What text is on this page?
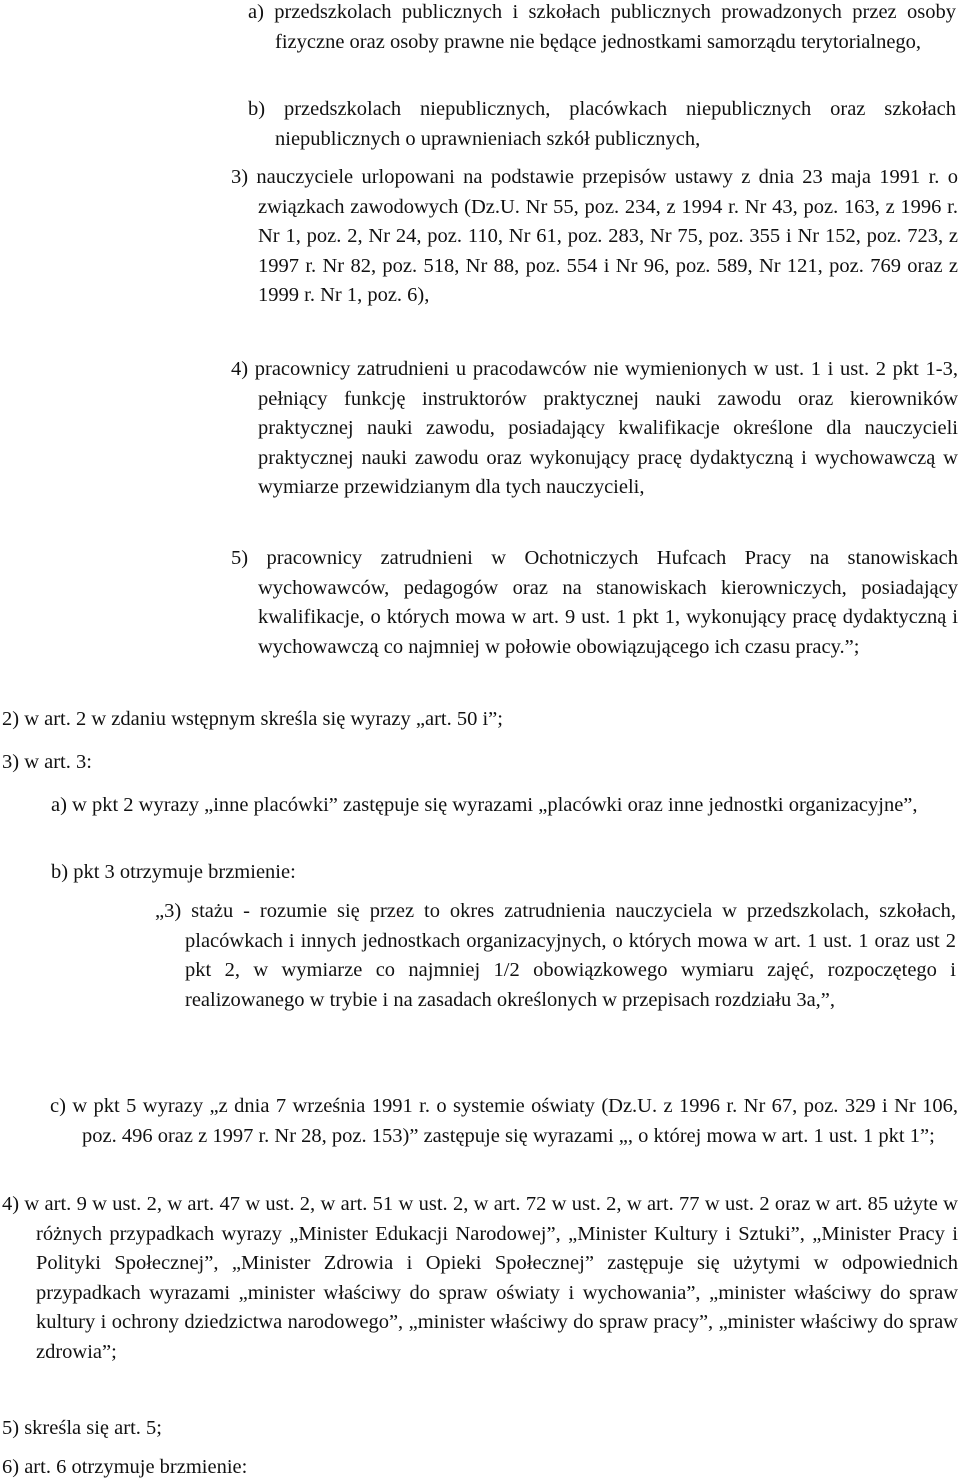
a) przedszkolach publicznych i szkołach publicznych prowadzonych przez osoby fizyczne oraz osoby prawne nie będące jednostkami samorządu terytorialnego,

b) przedszkolach niepublicznych, placówkach niepublicznych oraz szkołach niepublicznych o uprawnieniach szkół publicznych,

3) nauczyciele urlopowani na podstawie przepisów ustawy z dnia 23 maja 1991 r. o związkach zawodowych (Dz.U. Nr 55, poz. 234, z 1994 r. Nr 43, poz. 163, z 1996 r. Nr 1, poz. 2, Nr 24, poz. 110, Nr 61, poz. 283, Nr 75, poz. 355 i Nr 152, poz. 723, z 1997 r. Nr 82, poz. 518, Nr 88, poz. 554 i Nr 96, poz. 589, Nr 121, poz. 769 oraz z 1999 r. Nr 1, poz. 6),

4) pracownicy zatrudnieni u pracodawców nie wymienionych w ust. 1 i ust. 2 pkt 1-3, pełniący funkcję instruktorów praktycznej nauki zawodu oraz kierowników praktycznej nauki zawodu, posiadający kwalifikacje określone dla nauczycieli praktycznej nauki zawodu oraz wykonujący pracę dydaktyczną i wychowawczą w wymiarze przewidzianym dla tych nauczycieli,

5) pracownicy zatrudnieni w Ochotniczych Hufcach Pracy na stanowiskach wychowawców, pedagogów oraz na stanowiskach kierowniczych, posiadający kwalifikacje, o których mowa w art. 9 ust. 1 pkt 1, wykonujący pracę dydaktyczną i wychowawczą co najmniej w połowie obowiązującego ich czasu pracy.”;

2) w art. 2 w zdaniu wstępnym skreśla się wyrazy „art. 50 i”;

3) w art. 3:

a) w pkt 2 wyrazy „inne placówki” zastępuje się wyrazami „placówki oraz inne jednostki organizacyjne”,

b) pkt 3 otrzymuje brzmienie:

„3) stażu - rozumie się przez to okres zatrudnienia nauczyciela w przedszkolach, szkołach, placówkach i innych jednostkach organizacyjnych, o których mowa w art. 1 ust. 1 oraz ust 2 pkt 2, w wymiarze co najmniej 1/2 obowiązkowego wymiaru zajęć, rozpoczętego i realizowanego w trybie i na zasadach określonych w przepisach rozdziału 3a,”,

c) w pkt 5 wyrazy „z dnia 7 września 1991 r. o systemie oświaty (Dz.U. z 1996 r. Nr 67, poz. 329 i Nr 106, poz. 496 oraz z 1997 r. Nr 28, poz. 153)” zastępuje się wyrazami „, o której mowa w art. 1 ust. 1 pkt 1”;

4) w art. 9 w ust. 2, w art. 47 w ust. 2, w art. 51 w ust. 2, w art. 72 w ust. 2, w art. 77 w ust. 2 oraz w art. 85 użyte w różnych przypadkach wyrazy „Minister Edukacji Narodowej”, „Minister Kultury i Sztuki”, „Minister Pracy i Polityki Społecznej”, „Minister Zdrowia i Opieki Społecznej” zastępuje się użytymi w odpowiednich przypadkach wyrazami „minister właściwy do spraw oświaty i wychowania”, „minister właściwy do spraw kultury i ochrony dziedzictwa narodowego”, „minister właściwy do spraw pracy”, „minister właściwy do spraw zdrowia”;

5) skreśla się art. 5;

6) art. 6 otrzymuje brzmienie:
